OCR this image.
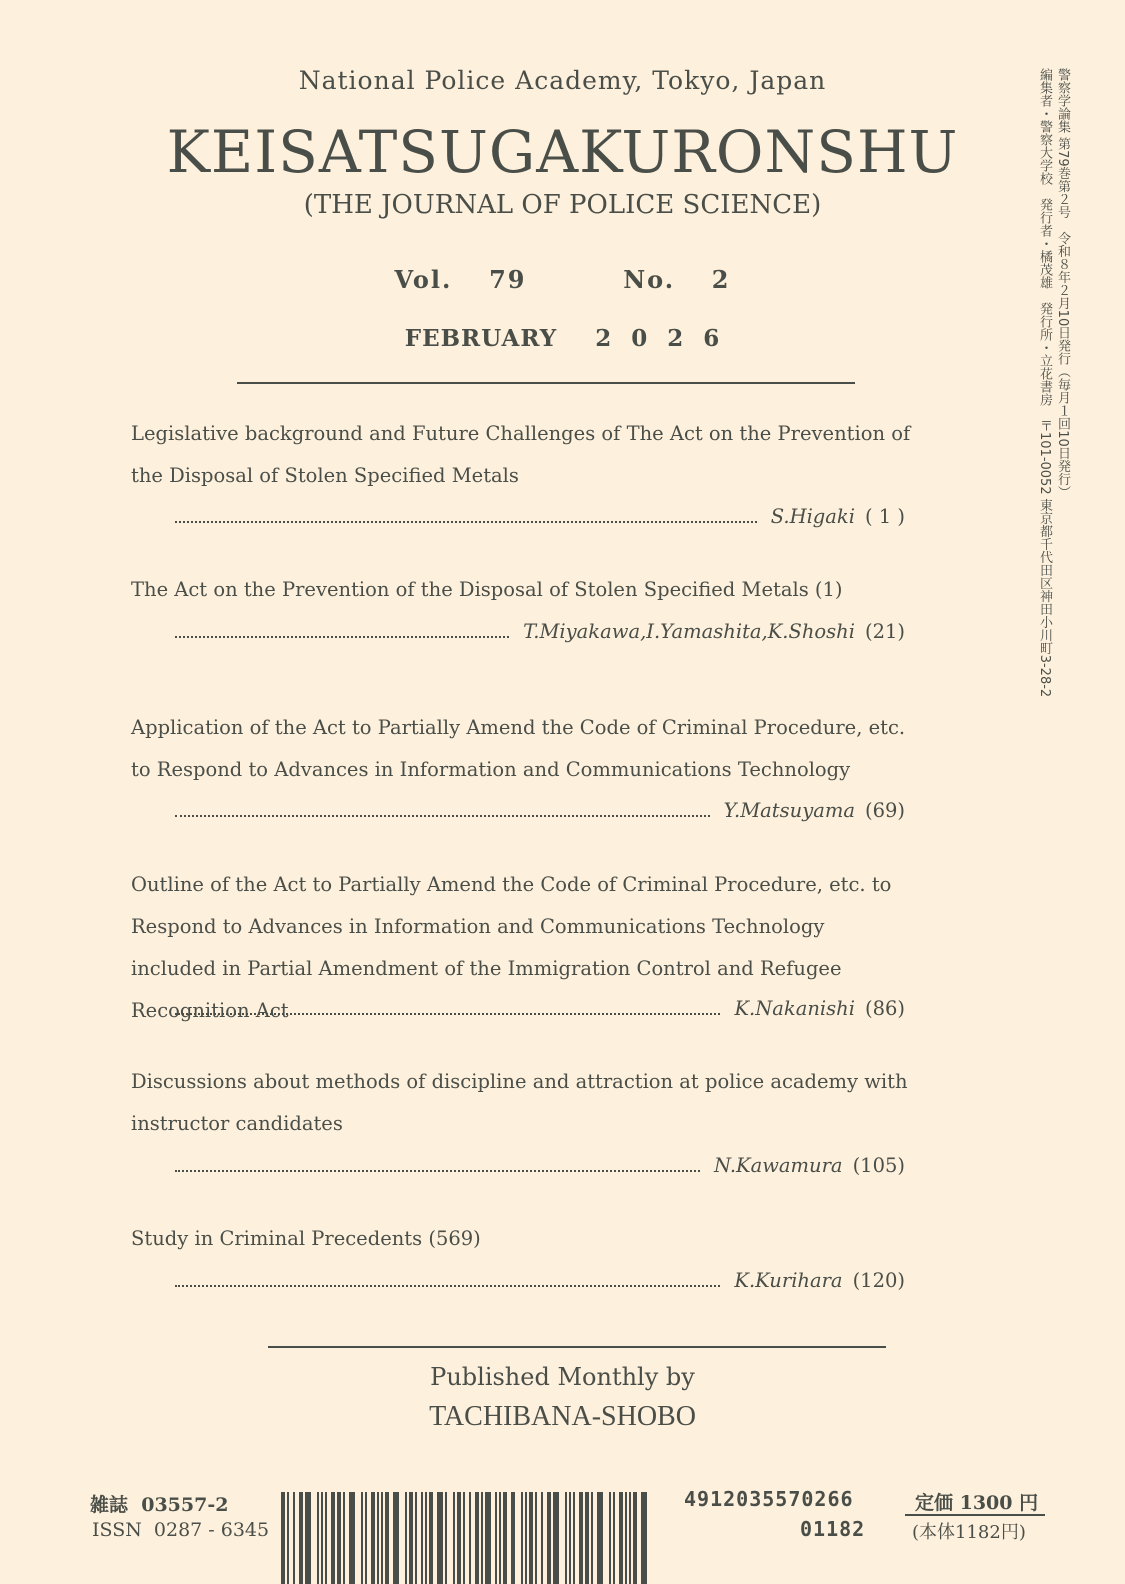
National Police Academy, Tokyo, Japan
KEISATSUGAKURONSHU
(THE JOURNAL OF POLICE SCIENCE)
Vol.  79	No.  2
FEBRUARY  2 0 2 6
Legislative background and Future Challenges of The Act on the Prevention of the Disposal of Stolen Specified Metals
S.Higaki ( 1 )
The Act on the Prevention of the Disposal of Stolen Specified Metals (1)
T.Miyakawa,I.Yamashita,K.Shoshi (21)
Application of the Act to Partially Amend the Code of Criminal Procedure, etc. to Respond to Advances in Information and Communications Technology
Y.Matsuyama (69)
Outline of the Act to Partially Amend the Code of Criminal Procedure, etc. to Respond to Advances in Information and Communications Technology included in Partial Amendment of the Immigration Control and Refugee Recognition Act	K.Nakanishi (86)
Discussions about methods of discipline and attraction at police academy with instructor candidates
N.Kawamura (105)
Study in Criminal Precedents (569)
K.Kurihara (120)
Published Monthly by
TACHIBANA-SHOBO
雑誌  03557-2
ISSN  0287 - 6345
4912035570266
01182
定価 1300 円
(本体1182円)
警察学論集 第79巻第２号　令和８年２月10日発行（毎月１回10日発行）
編集者・警察大学校　発行者・橘茂雄　発行所・立花書房　〒101-0052 東京都千代田区神田小川町3-28-2
